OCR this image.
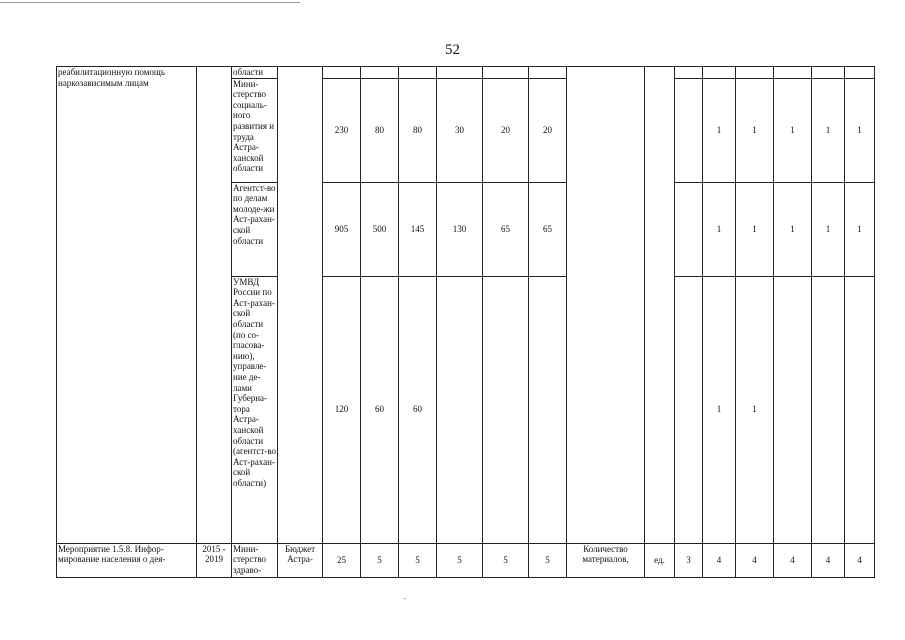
52
реабилитационную помощь наркозависимым лицам		области															
		Мини-стерство социаль-ного развития и труда Астра-ханской области		230	80	80	30	20	20				1	1	1	1	1
		Агентст-во по делам молоде-жи Аст-рахан-ской области		905	500	145	130	65	65				1	1	1	1	1
		УМВД России по Аст-рахан-ской области (по со-гласова-нию), управле-ние де-лами Губерна-тора Астра-ханской области (агентст-во Аст-рахан-ской области)		120	60	60							1	1			
Мероприятие 1.5.8. Инфор-мирование населения о дея-	2015 - 2019	Мини-стерство здраво-	Бюджет Астра-	25	5	5	5	5	5	Количество материалов,	ед.	3	4	4	4	4	4
